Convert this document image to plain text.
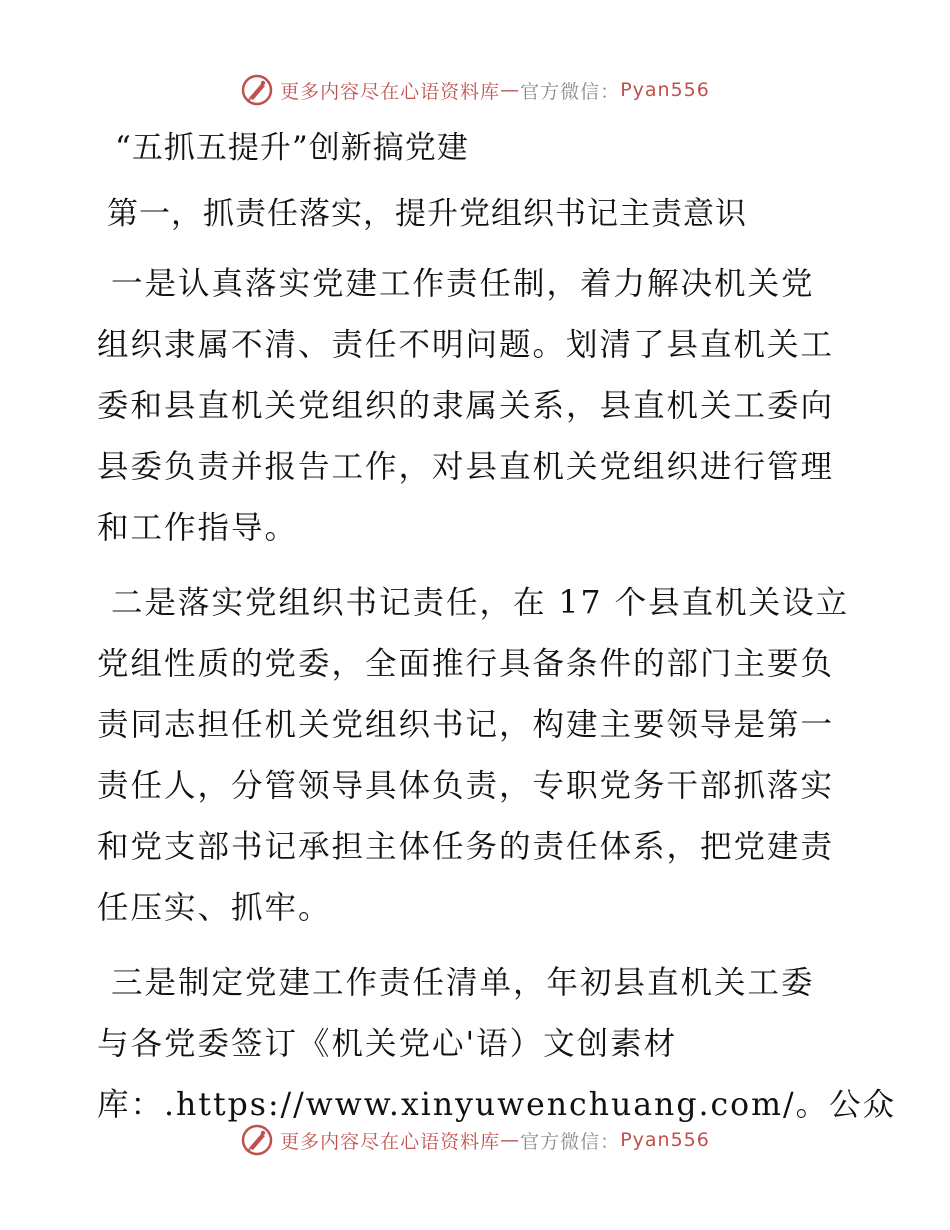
更多内容尽在心语资料库 — 官方微信： Pyan556
“五抓五提升”创新搞党建
第一，抓责任落实，提升党组织书记主责意识
一是认真落实党建工作责任制，着力解决机关党
组织隶属不清、责任不明问题。划清了县直机关工
委和县直机关党组织的隶属关系，县直机关工委向
县委负责并报告工作，对县直机关党组织进行管理
和工作指导。
二是落实党组织书记责任，在 17 个县直机关设立
党组性质的党委，全面推行具备条件的部门主要负
责同志担任机关党组织书记，构建主要领导是第一
责任人，分管领导具体负责，专职党务干部抓落实
和党支部书记承担主体任务的责任体系，把党建责
任压实、抓牢。
三是制定党建工作责任清单，年初县直机关工委
与各党委签订《机关党心'语）文创素材
库：.https://www.xinyuwenchuang.com/。公众
更多内容尽在心语资料库 — 官方微信： Pyan556
